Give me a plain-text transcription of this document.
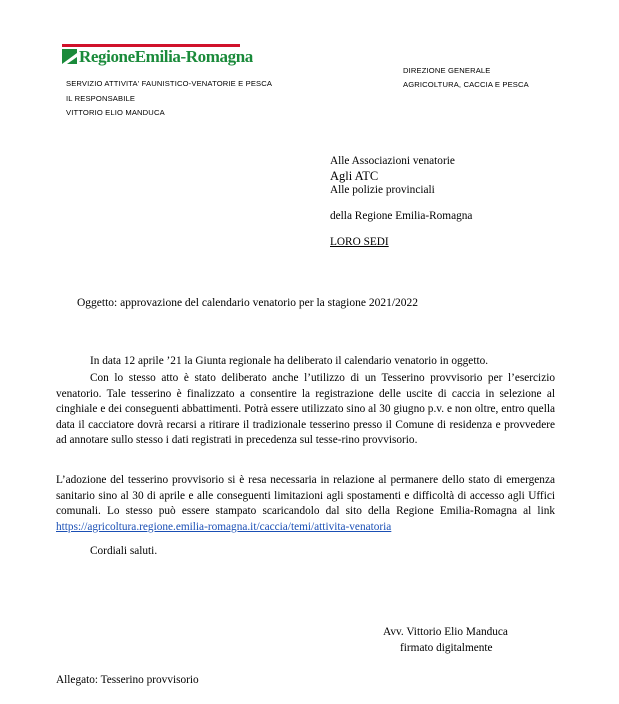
RegioneEmilia-Romagna
SERVIZIO ATTIVITA' FAUNISTICO-VENATORIE E PESCA
IL RESPONSABILE
VITTORIO ELIO MANDUCA
DIREZIONE GENERALE
AGRICOLTURA, CACCIA E PESCA
Alle Associazioni venatorie
Agli ATC
Alle polizie provinciali
della Regione Emilia-Romagna
LORO SEDI
Oggetto: approvazione del calendario venatorio per la stagione 2021/2022
In data 12 aprile ’21 la Giunta regionale ha deliberato il calendario venatorio in oggetto.
Con lo stesso atto è stato deliberato anche l’utilizzo di un Tesserino provvisorio per l’esercizio venatorio. Tale tesserino è finalizzato a consentire la registrazione delle uscite di caccia in selezione al cinghiale e dei conseguenti abbattimenti. Potrà essere utilizzato sino al 30 giugno p.v. e non oltre, entro quella data il cacciatore dovrà recarsi a ritirare il tradizionale tesserino presso il Comune di residenza e provvedere ad annotare sullo stesso i dati registrati in precedenza sul tesse-rino provvisorio.
L’adozione del tesserino provvisorio si è resa necessaria in relazione al permanere dello stato di emergenza sanitario sino al 30 di aprile e alle conseguenti limitazioni agli spostamenti e difficoltà di accesso agli Uffici comunali. Lo stesso può essere stampato scaricandolo dal sito della Regione Emilia-Romagna al link https://agricoltura.regione.emilia-romagna.it/caccia/temi/attivita-venatoria
Cordiali saluti.
Avv. Vittorio Elio Manduca
firmato digitalmente
Allegato: Tesserino provvisorio
